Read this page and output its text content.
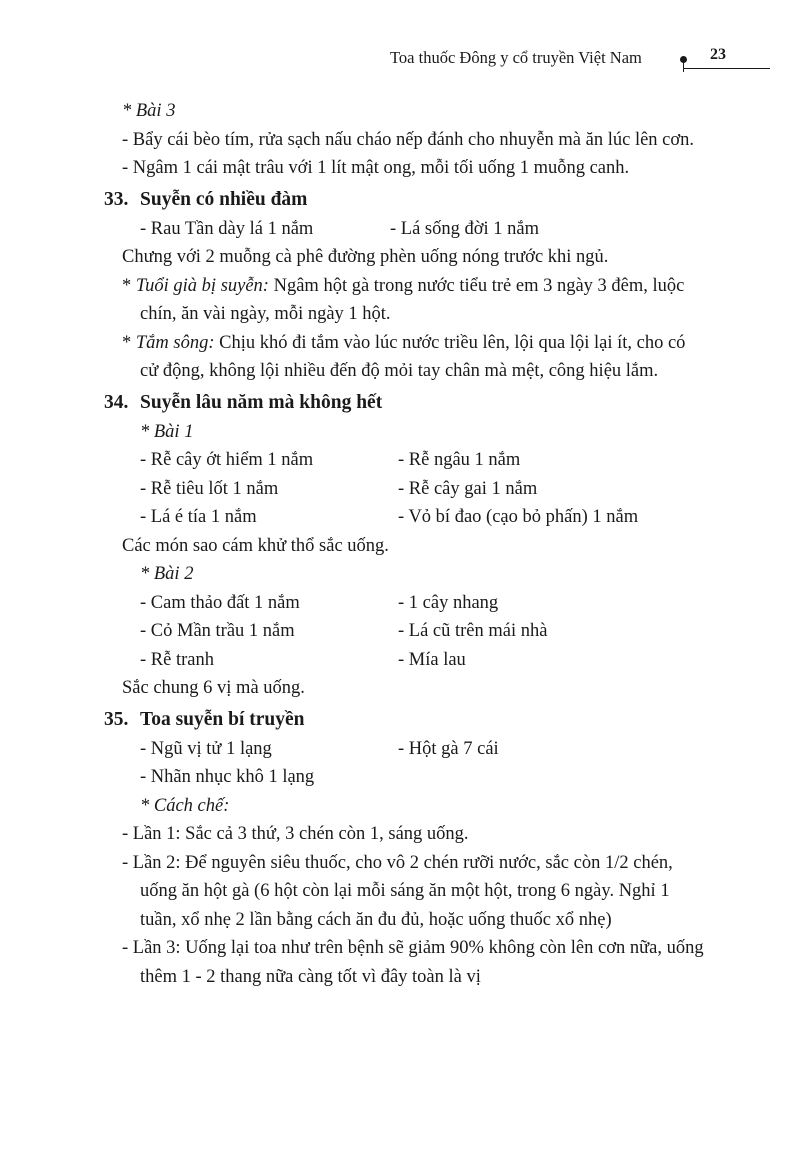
Toa thuốc Đông y cổ truyền Việt Nam	23

* Bài 3

- Bẩy cái bèo tím, rửa sạch nấu cháo nếp đánh cho nhuyễn mà ăn lúc lên cơn.

- Ngâm 1 cái mật trâu với 1 lít mật ong, mỗi tối uống 1 muỗng canh.

33. Suyễn có nhiều đàm
- Rau Tần dày lá 1 nắm	- Lá sống đời 1 nắm

Chưng với 2 muỗng cà phê đường phèn uống nóng trước khi ngủ.

* Tuổi già bị suyễn: Ngâm hột gà trong nước tiểu trẻ em 3 ngày 3 đêm, luộc chín, ăn vài ngày, mỗi ngày 1 hột.

* Tắm sông: Chịu khó đi tắm vào lúc nước triều lên, lội qua lội lại ít, cho có cử động, không lội nhiều đến độ mỏi tay chân mà mệt, công hiệu lắm.

34. Suyễn lâu năm mà không hết

* Bài 1

- Rễ cây ớt hiểm 1 nắm	- Rễ ngâu 1 nắm
- Rễ tiêu lốt 1 nắm	- Rễ cây gai 1 nắm
- Lá é tía 1 nắm	- Vỏ bí đao (cạo bỏ phấn) 1 nắm

Các món sao cám khử thổ sắc uống.

* Bài 2

- Cam thảo đất 1 nắm	- 1 cây nhang
- Cỏ Mần trầu 1 nắm	- Lá cũ trên mái nhà
- Rễ tranh	- Mía lau

Sắc chung 6 vị mà uống.

35. Toa suyễn bí truyền
- Ngũ vị tử 1 lạng	- Hột gà 7 cái

- Nhãn nhục khô 1 lạng

* Cách chế:

- Lần 1: Sắc cả 3 thứ, 3 chén còn 1, sáng uống.

- Lần 2: Để nguyên siêu thuốc, cho vô 2 chén rưỡi nước, sắc còn 1/2 chén, uống ăn hột gà (6 hột còn lại mỗi sáng ăn một hột, trong 6 ngày. Nghỉ 1 tuần, xổ nhẹ 2 lần bằng cách ăn đu đủ, hoặc uống thuốc xổ nhẹ)

- Lần 3: Uống lại toa như trên bệnh sẽ giảm 90% không còn lên cơn nữa, uống thêm 1 - 2 thang nữa càng tốt vì đây toàn là vị
